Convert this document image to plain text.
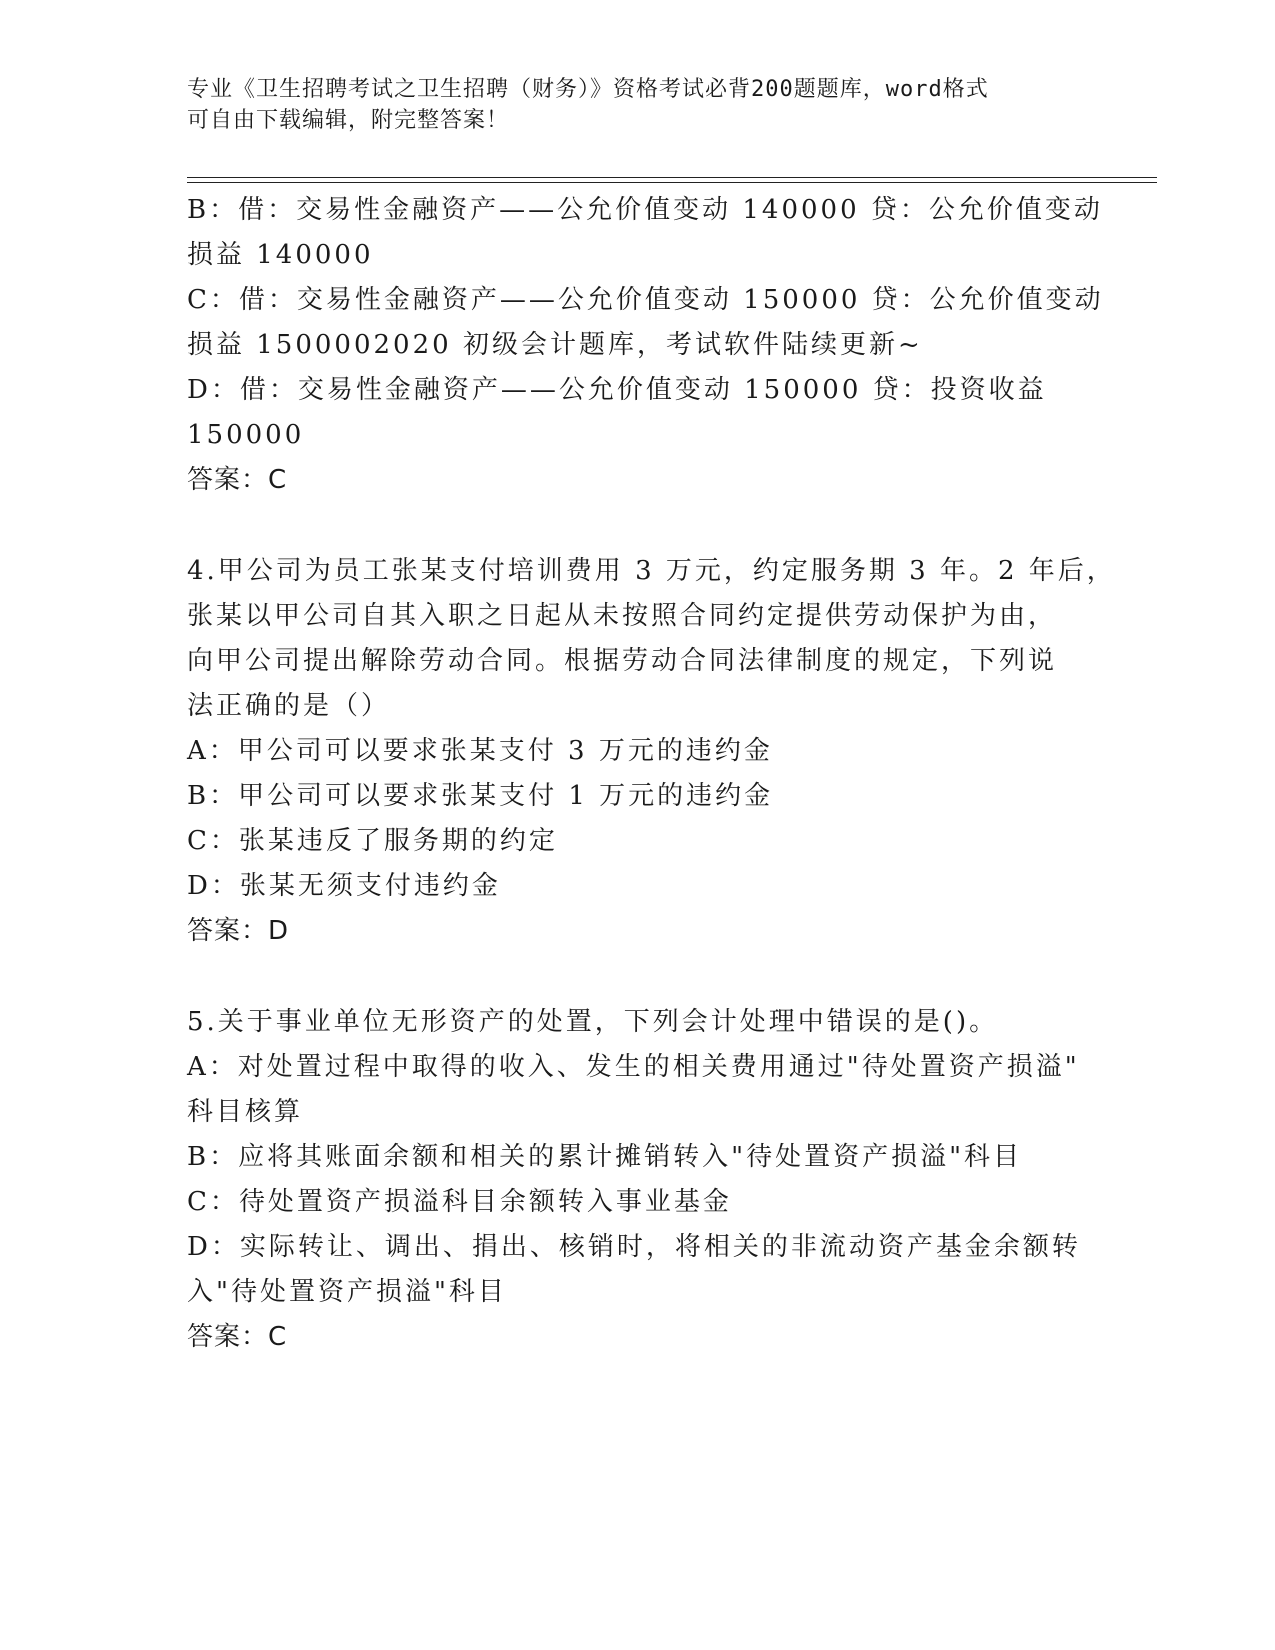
专业《卫生招聘考试之卫生招聘（财务）》资格考试必背200题题库，word格式
可自由下载编辑，附完整答案！
B：借：交易性金融资产——公允价值变动 140000 贷：公允价值变动
损益 140000
C：借：交易性金融资产——公允价值变动 150000 贷：公允价值变动
损益 1500002020 初级会计题库，考试软件陆续更新~
D：借：交易性金融资产——公允价值变动 150000 贷：投资收益
150000
答案：C
4.甲公司为员工张某支付培训费用 3 万元，约定服务期 3 年。2 年后，
张某以甲公司自其入职之日起从未按照合同约定提供劳动保护为由，
向甲公司提出解除劳动合同。根据劳动合同法律制度的规定，下列说
法正确的是（）
A：甲公司可以要求张某支付 3 万元的违约金
B：甲公司可以要求张某支付 1 万元的违约金
C：张某违反了服务期的约定
D：张某无须支付违约金
答案：D
5.关于事业单位无形资产的处置，下列会计处理中错误的是()。
A：对处置过程中取得的收入、发生的相关费用通过"待处置资产损溢"
科目核算
B：应将其账面余额和相关的累计摊销转入"待处置资产损溢"科目
C：待处置资产损溢科目余额转入事业基金
D：实际转让、调出、捐出、核销时，将相关的非流动资产基金余额转
入"待处置资产损溢"科目
答案：C
